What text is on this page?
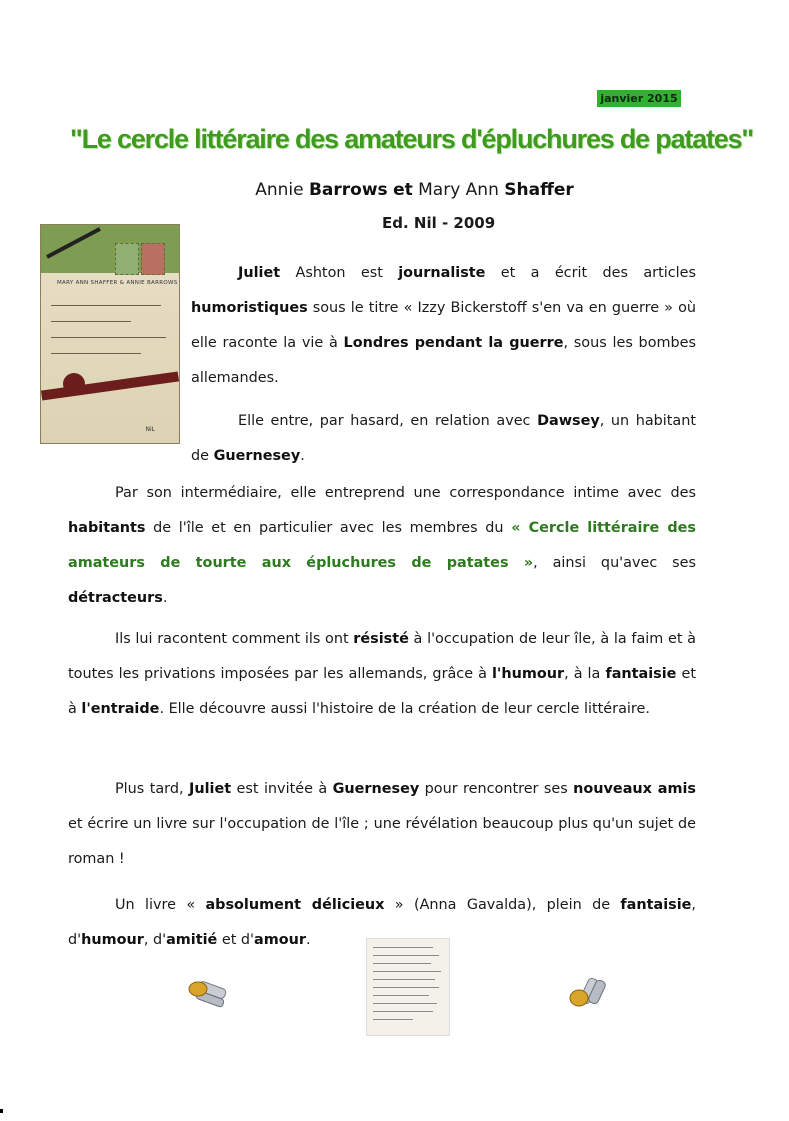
janvier 2015
"Le cercle littéraire des amateurs d'épluchures de patates"
Annie Barrows et Mary Ann Shaffer
Ed. Nil - 2009
MARY ANN SHAFFER & ANNIE BARROWS
NiL

Juliet Ashton est journaliste et a écrit des articles humoristiques sous le titre « Izzy Bickerstoff s'en va en guerre » où elle raconte la vie à Londres pendant la guerre, sous les bombes allemandes.

Elle entre, par hasard, en relation avec Dawsey, un habitant de Guernesey.

Par son intermédiaire, elle entreprend une correspondance intime avec des habitants de l'île et en particulier avec les membres du « Cercle littéraire des amateurs de tourte aux épluchures de patates », ainsi qu'avec ses détracteurs.

Ils lui racontent comment ils ont résisté à l'occupation de leur île, à la faim et à toutes les privations imposées par les allemands, grâce à l'humour, à la fantaisie et à l'entraide. Elle découvre aussi l'histoire de la création de leur cercle littéraire.

Plus tard, Juliet est invitée à Guernesey pour rencontrer ses nouveaux amis et écrire un livre sur l'occupation de l'île ; une révélation beaucoup plus qu'un sujet de roman !

Un livre « absolument délicieux » (Anna Gavalda), plein de fantaisie, d'humour, d'amitié et d'amour.
